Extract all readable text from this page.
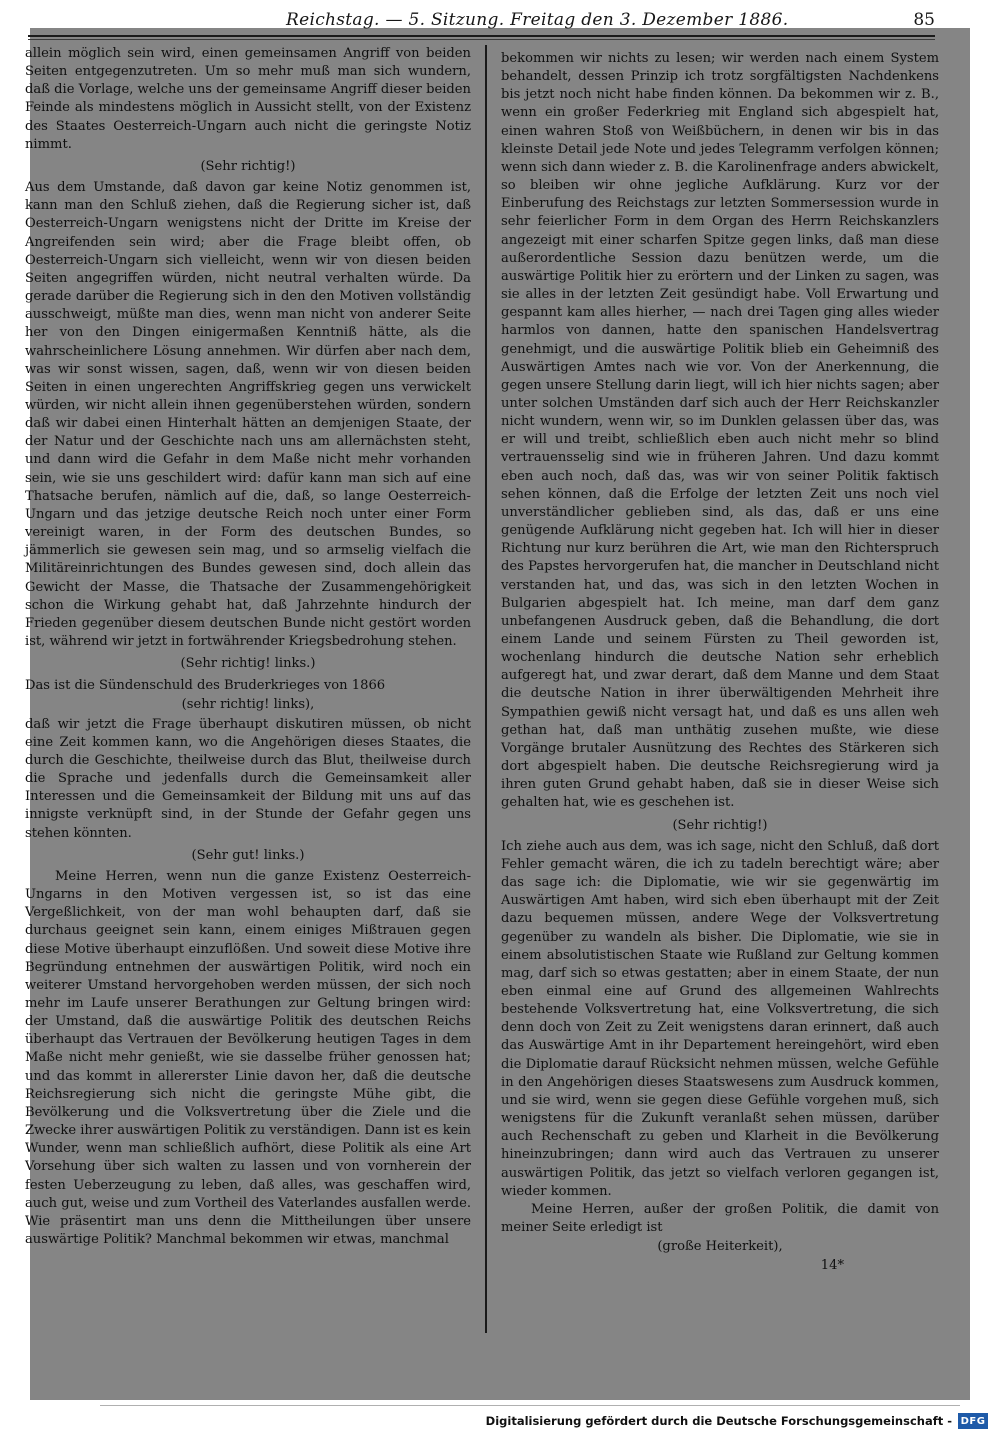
Reichstag. — 5. Sitzung. Freitag den 3. Dezember 1886.	85

allein möglich sein wird, einen gemeinsamen Angriff von beiden Seiten entgegenzutreten. Um so mehr muß man sich wundern, daß die Vorlage, welche uns der gemeinsame Angriff dieser beiden Feinde als mindestens möglich in Aussicht stellt, von der Existenz des Staates Oesterreich-Ungarn auch nicht die geringste Notiz nimmt.

(Sehr richtig!)

Aus dem Umstande, daß davon gar keine Notiz genommen ist, kann man den Schluß ziehen, daß die Regierung sicher ist, daß Oesterreich-Ungarn wenigstens nicht der Dritte im Kreise der Angreifenden sein wird; aber die Frage bleibt offen, ob Oesterreich-Ungarn sich vielleicht, wenn wir von diesen beiden Seiten angegriffen würden, nicht neutral verhalten würde. Da gerade darüber die Regierung sich in den den Motiven vollständig ausschweigt, müßte man dies, wenn man nicht von anderer Seite her von den Dingen einigermaßen Kenntniß hätte, als die wahrscheinlichere Lösung annehmen. Wir dürfen aber nach dem, was wir sonst wissen, sagen, daß, wenn wir von diesen beiden Seiten in einen ungerechten Angriffskrieg gegen uns verwickelt würden, wir nicht allein ihnen gegenüberstehen würden, sondern daß wir dabei einen Hinterhalt hätten an demjenigen Staate, der der Natur und der Geschichte nach uns am allernächsten steht, und dann wird die Gefahr in dem Maße nicht mehr vorhanden sein, wie sie uns geschildert wird: dafür kann man sich auf eine Thatsache berufen, nämlich auf die, daß, so lange Oesterreich-Ungarn und das jetzige deutsche Reich noch unter einer Form vereinigt waren, in der Form des deutschen Bundes, so jämmerlich sie gewesen sein mag, und so armselig vielfach die Militäreinrichtungen des Bundes gewesen sind, doch allein das Gewicht der Masse, die Thatsache der Zusammengehörigkeit schon die Wirkung gehabt hat, daß Jahrzehnte hindurch der Frieden gegenüber diesem deutschen Bunde nicht gestört worden ist, während wir jetzt in fortwährender Kriegsbedrohung stehen.

(Sehr richtig! links.)

Das ist die Sündenschuld des Bruderkrieges von 1866

(sehr richtig! links),

daß wir jetzt die Frage überhaupt diskutiren müssen, ob nicht eine Zeit kommen kann, wo die Angehörigen dieses Staates, die durch die Geschichte, theilweise durch das Blut, theilweise durch die Sprache und jedenfalls durch die Gemeinsamkeit aller Interessen und die Gemeinsamkeit der Bildung mit uns auf das innigste verknüpft sind, in der Stunde der Gefahr gegen uns stehen könnten.

(Sehr gut! links.)

Meine Herren, wenn nun die ganze Existenz Oesterreich-Ungarns in den Motiven vergessen ist, so ist das eine Vergeßlichkeit, von der man wohl behaupten darf, daß sie durchaus geeignet sein kann, einem einiges Mißtrauen gegen diese Motive überhaupt einzuflößen. Und soweit diese Motive ihre Begründung entnehmen der auswärtigen Politik, wird noch ein weiterer Umstand hervorgehoben werden müssen, der sich noch mehr im Laufe unserer Berathungen zur Geltung bringen wird: der Umstand, daß die auswärtige Politik des deutschen Reichs überhaupt das Vertrauen der Bevölkerung heutigen Tages in dem Maße nicht mehr genießt, wie sie dasselbe früher genossen hat; und das kommt in allererster Linie davon her, daß die deutsche Reichsregierung sich nicht die geringste Mühe gibt, die Bevölkerung und die Volksvertretung über die Ziele und die Zwecke ihrer auswärtigen Politik zu verständigen. Dann ist es kein Wunder, wenn man schließlich aufhört, diese Politik als eine Art Vorsehung über sich walten zu lassen und von vornherein der festen Ueberzeugung zu leben, daß alles, was geschaffen wird, auch gut, weise und zum Vortheil des Vaterlandes ausfallen werde. Wie präsentirt man uns denn die Mittheilungen über unsere auswärtige Politik? Manchmal bekommen wir etwas, manchmal

bekommen wir nichts zu lesen; wir werden nach einem System behandelt, dessen Prinzip ich trotz sorgfältigsten Nachdenkens bis jetzt noch nicht habe finden können. Da bekommen wir z. B., wenn ein großer Federkrieg mit England sich abgespielt hat, einen wahren Stoß von Weißbüchern, in denen wir bis in das kleinste Detail jede Note und jedes Telegramm verfolgen können; wenn sich dann wieder z. B. die Karolinenfrage anders abwickelt, so bleiben wir ohne jegliche Aufklärung. Kurz vor der Einberufung des Reichstags zur letzten Sommersession wurde in sehr feierlicher Form in dem Organ des Herrn Reichskanzlers angezeigt mit einer scharfen Spitze gegen links, daß man diese außerordentliche Session dazu benützen werde, um die auswärtige Politik hier zu erörtern und der Linken zu sagen, was sie alles in der letzten Zeit gesündigt habe. Voll Erwartung und gespannt kam alles hierher, — nach drei Tagen ging alles wieder harmlos von dannen, hatte den spanischen Handelsvertrag genehmigt, und die auswärtige Politik blieb ein Geheimniß des Auswärtigen Amtes nach wie vor. Von der Anerkennung, die gegen unsere Stellung darin liegt, will ich hier nichts sagen; aber unter solchen Umständen darf sich auch der Herr Reichskanzler nicht wundern, wenn wir, so im Dunklen gelassen über das, was er will und treibt, schließlich eben auch nicht mehr so blind vertrauensselig sind wie in früheren Jahren. Und dazu kommt eben auch noch, daß das, was wir von seiner Politik faktisch sehen können, daß die Erfolge der letzten Zeit uns noch viel unverständlicher geblieben sind, als das, daß er uns eine genügende Aufklärung nicht gegeben hat. Ich will hier in dieser Richtung nur kurz berühren die Art, wie man den Richterspruch des Papstes hervorgerufen hat, die mancher in Deutschland nicht verstanden hat, und das, was sich in den letzten Wochen in Bulgarien abgespielt hat. Ich meine, man darf dem ganz unbefangenen Ausdruck geben, daß die Behandlung, die dort einem Lande und seinem Fürsten zu Theil geworden ist, wochenlang hindurch die deutsche Nation sehr erheblich aufgeregt hat, und zwar derart, daß dem Manne und dem Staat die deutsche Nation in ihrer überwältigenden Mehrheit ihre Sympathien gewiß nicht versagt hat, und daß es uns allen weh gethan hat, daß man unthätig zusehen mußte, wie diese Vorgänge brutaler Ausnützung des Rechtes des Stärkeren sich dort abgespielt haben. Die deutsche Reichsregierung wird ja ihren guten Grund gehabt haben, daß sie in dieser Weise sich gehalten hat, wie es geschehen ist.

(Sehr richtig!)

Ich ziehe auch aus dem, was ich sage, nicht den Schluß, daß dort Fehler gemacht wären, die ich zu tadeln berechtigt wäre; aber das sage ich: die Diplomatie, wie wir sie gegenwärtig im Auswärtigen Amt haben, wird sich eben überhaupt mit der Zeit dazu bequemen müssen, andere Wege der Volksvertretung gegenüber zu wandeln als bisher. Die Diplomatie, wie sie in einem absolutistischen Staate wie Rußland zur Geltung kommen mag, darf sich so etwas gestatten; aber in einem Staate, der nun eben einmal eine auf Grund des allgemeinen Wahlrechts bestehende Volksvertretung hat, eine Volksvertretung, die sich denn doch von Zeit zu Zeit wenigstens daran erinnert, daß auch das Auswärtige Amt in ihr Departement hereingehört, wird eben die Diplomatie darauf Rücksicht nehmen müssen, welche Gefühle in den Angehörigen dieses Staatswesens zum Ausdruck kommen, und sie wird, wenn sie gegen diese Gefühle vorgehen muß, sich wenigstens für die Zukunft veranlaßt sehen müssen, darüber auch Rechenschaft zu geben und Klarheit in die Bevölkerung hineinzubringen; dann wird auch das Vertrauen zu unserer auswärtigen Politik, das jetzt so vielfach verloren gegangen ist, wieder kommen.

Meine Herren, außer der großen Politik, die damit von meiner Seite erledigt ist

(große Heiterkeit),

14*

Digitalisierung gefördert durch die Deutsche Forschungsgemeinschaft - DFG
